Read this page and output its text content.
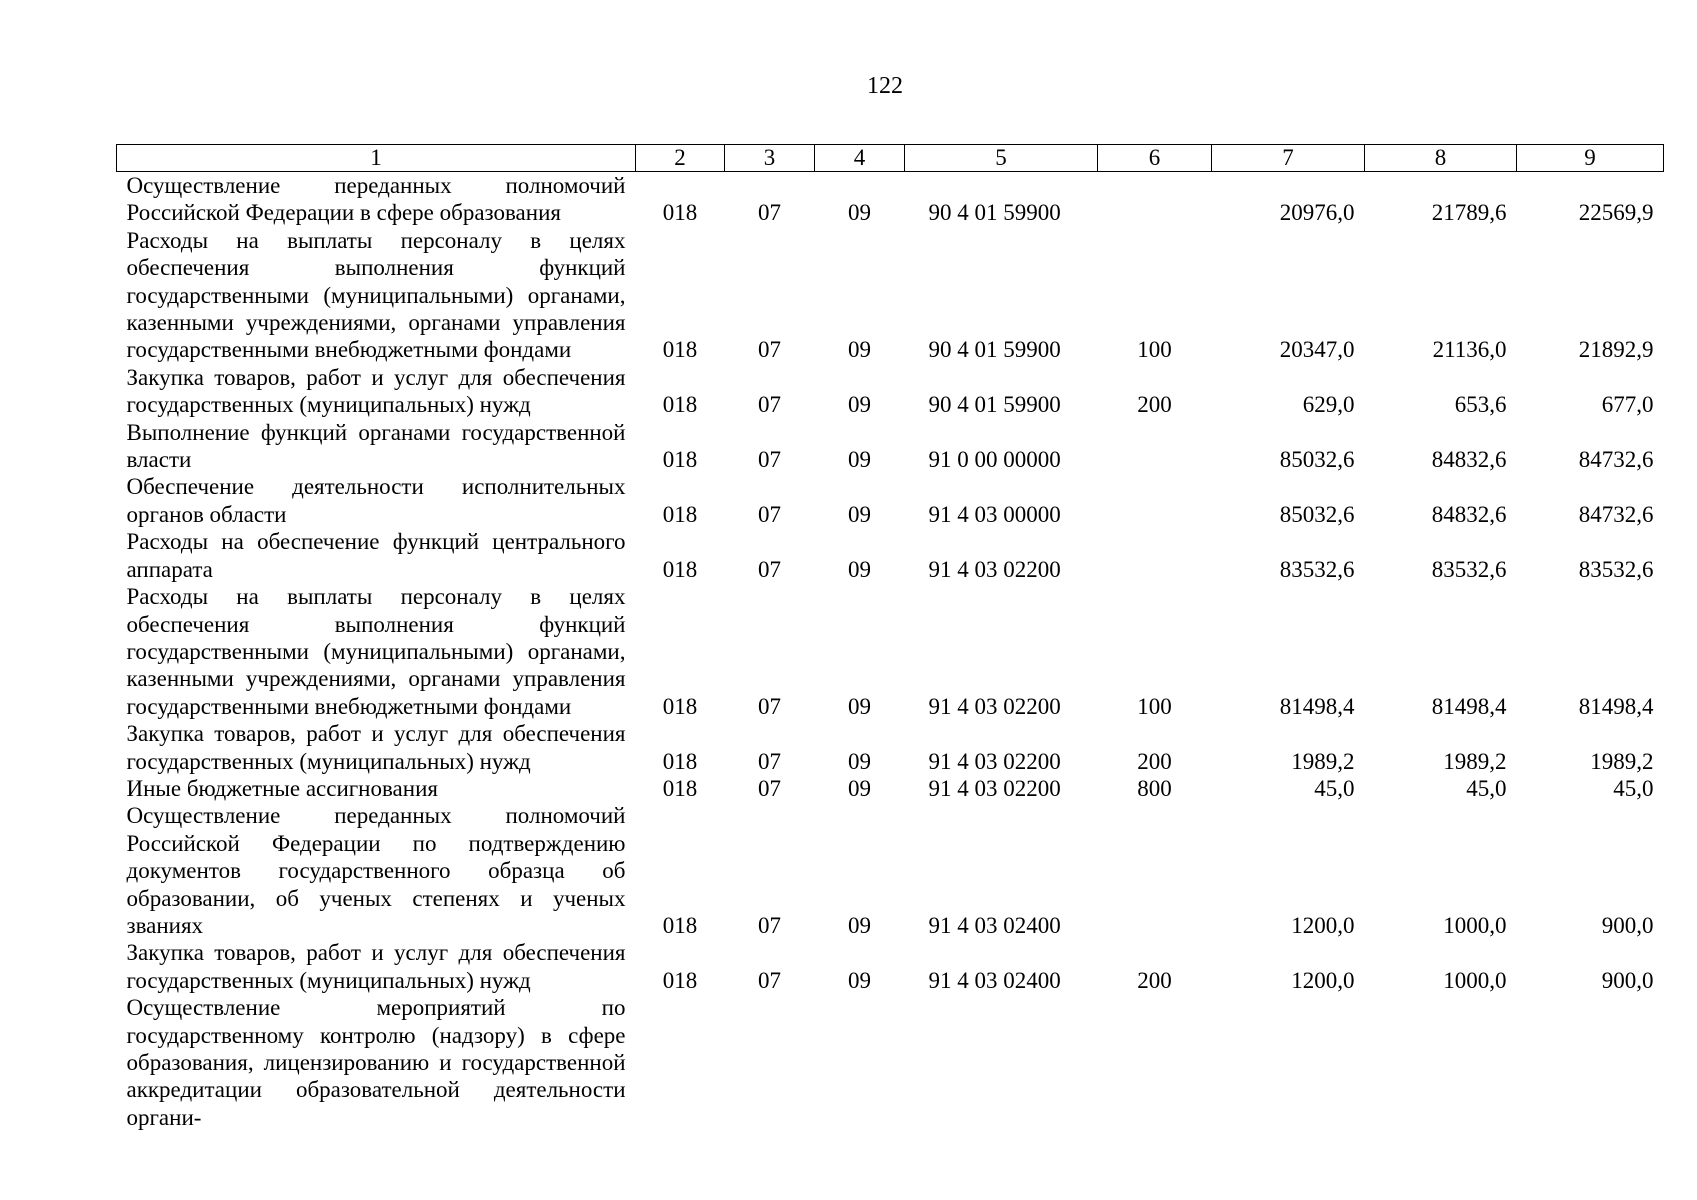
122
1	2	3	4	5	6	7	8	9
Осуществление переданных полномочий Российской Федерации в сфере образования	018	07	09	90 4 01 59900		20976,0	21789,6	22569,9
Расходы на выплаты персоналу в целях обеспечения выполнения функций государственными (муниципальными) органами, казенными учреждениями, органами управления государственными внебюджетными фондами	018	07	09	90 4 01 59900	100	20347,0	21136,0	21892,9
Закупка товаров, работ и услуг для обеспечения государственных (муниципальных) нужд	018	07	09	90 4 01 59900	200	629,0	653,6	677,0
Выполнение функций органами государственной власти	018	07	09	91 0 00 00000		85032,6	84832,6	84732,6
Обеспечение деятельности исполнительных органов области	018	07	09	91 4 03 00000		85032,6	84832,6	84732,6
Расходы на обеспечение функций центрального аппарата	018	07	09	91 4 03 02200		83532,6	83532,6	83532,6
Расходы на выплаты персоналу в целях обеспечения выполнения функций государственными (муниципальными) органами, казенными учреждениями, органами управления государственными внебюджетными фондами	018	07	09	91 4 03 02200	100	81498,4	81498,4	81498,4
Закупка товаров, работ и услуг для обеспечения государственных (муниципальных) нужд	018	07	09	91 4 03 02200	200	1989,2	1989,2	1989,2
Иные бюджетные ассигнования	018	07	09	91 4 03 02200	800	45,0	45,0	45,0
Осуществление переданных полномочий Российской Федерации по подтверждению документов государственного образца об образовании, об ученых степенях и ученых званиях	018	07	09	91 4 03 02400		1200,0	1000,0	900,0
Закупка товаров, работ и услуг для обеспечения государственных (муниципальных) нужд	018	07	09	91 4 03 02400	200	1200,0	1000,0	900,0
Осуществление мероприятий по государственному контролю (надзору) в сфере образования, лицензированию и государственной аккредитации образовательной деятельности органи-								
